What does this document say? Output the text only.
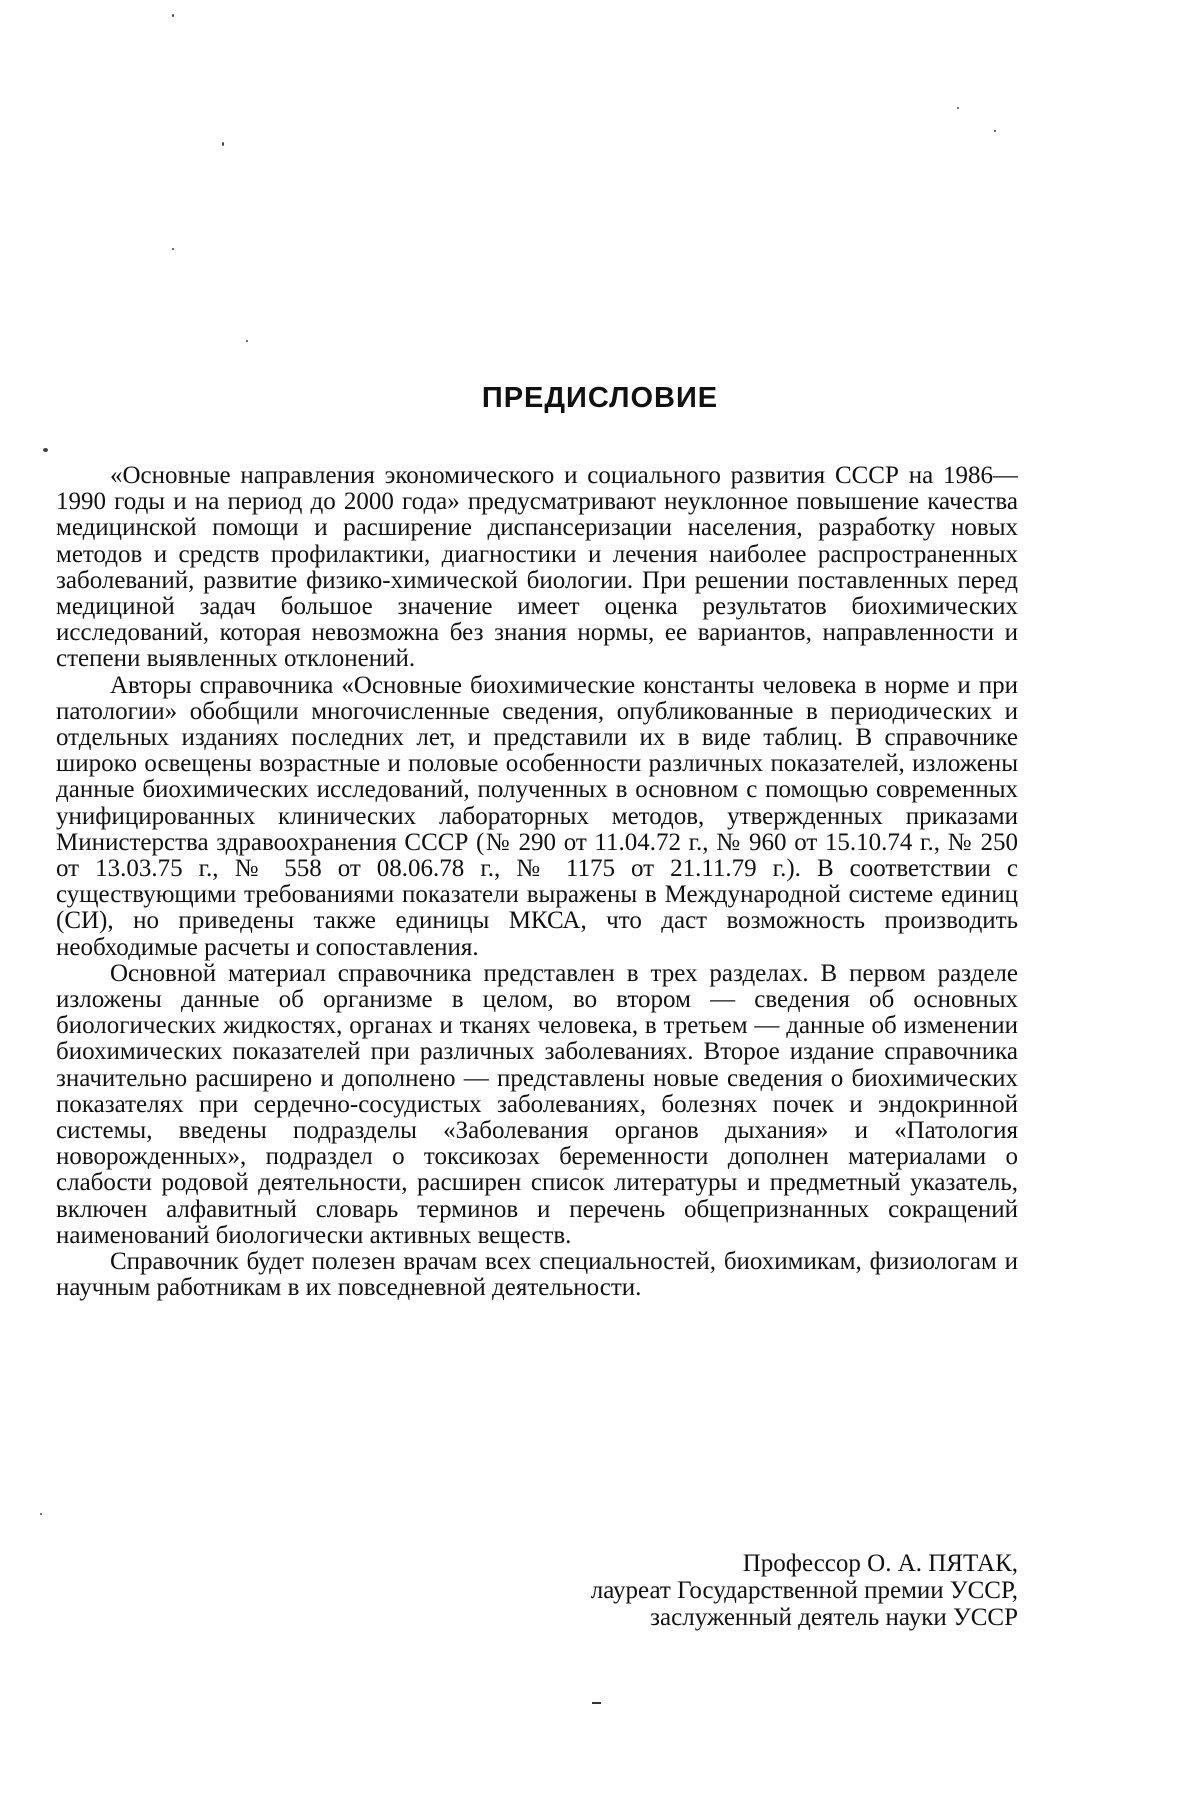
ПРЕДИСЛОВИЕ

«Основные направления экономического и социального развития СССР на 1986—1990 годы и на период до 2000 года» предусматривают неуклонное повышение качества медицинской помощи и расширение диспансеризации населения, разработку новых методов и средств профилактики, диагностики и лечения наиболее распространенных заболеваний, развитие физико-химической биологии. При решении поставленных перед медициной задач большое значение имеет оценка результатов биохимических исследований, которая невозможна без знания нормы, ее вариантов, направленности и степени выявленных отклонений.

Авторы справочника «Основные биохимические константы человека в норме и при патологии» обобщили многочисленные сведения, опубликованные в периодических и отдельных изданиях последних лет, и представили их в виде таблиц. В справочнике широко освещены возрастные и половые особенности различных показателей, изложены данные биохимических исследований, полученных в основном с помощью современных унифицированных клинических лабораторных методов, утвержденных приказами Министерства здравоохранения СССР (№ 290 от 11.04.72 г., № 960 от 15.10.74 г., № 250 от 13.03.75 г., № 558 от 08.06.78 г., № 1175 от 21.11.79 г.). В соответствии с существующими требованиями показатели выражены в Международной системе единиц (СИ), но приведены также единицы МКСА, что даст возможность производить необходимые расчеты и сопоставления.

Основной материал справочника представлен в трех разделах. В первом разделе изложены данные об организме в целом, во втором — сведения об основных биологических жидкостях, органах и тканях человека, в третьем — данные об изменении биохимических показателей при различных заболеваниях. Второе издание справочника значительно расширено и дополнено — представлены новые сведения о биохимических показателях при сердечно-сосудистых заболеваниях, болезнях почек и эндокринной системы, введены подразделы «Заболевания органов дыхания» и «Патология новорожденных», подраздел о токсикозах беременности дополнен материалами о слабости родовой деятельности, расширен список литературы и предметный указатель, включен алфавитный словарь терминов и перечень общепризнанных сокращений наименований биологически активных веществ.

Справочник будет полезен врачам всех специальностей, биохимикам, физиологам и научным работникам в их повседневной деятельности.

Профессор О. А. ПЯТАК,
лауреат Государственной премии УССР,
заслуженный деятель науки УССР
